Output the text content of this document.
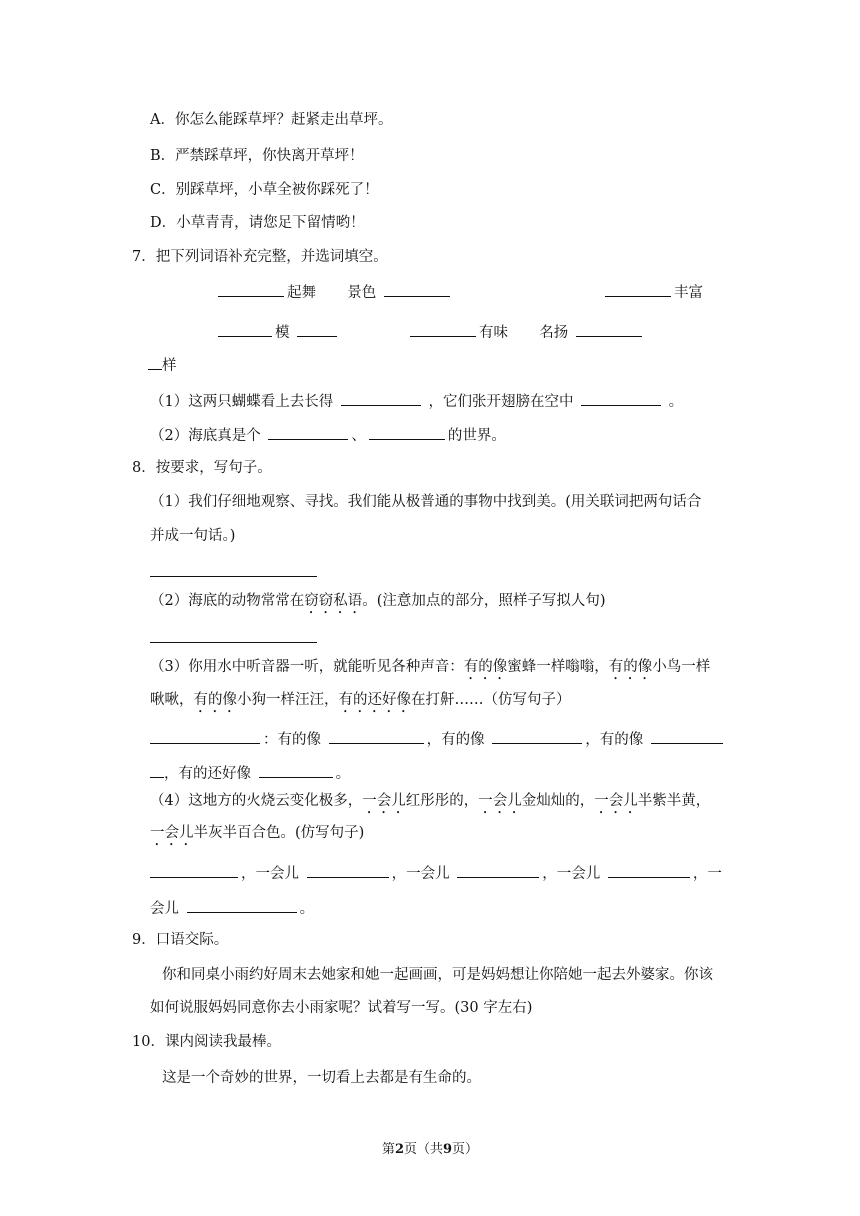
A．你怎么能踩草坪？赶紧走出草坪。
B．严禁踩草坪，你快离开草坪！
C．别踩草坪，小草全被你踩死了！
D．小草青青，请您足下留情哟！
7．把下列词语补充完整，并选词填空。
起舞 景色	丰富
模	有味 名扬
样
（1）这两只蝴蝶看上去长得	，它们张开翅膀在空中	。
（2）海底真是个	、	的世界。
8．按要求，写句子。
（1）我们仔细地观察、寻找。我们能从极普通的事物中找到美。(用关联词把两句话合
并成一句话。)
（2）海底的动物常常在窃窃私语。(注意加点的部分，照样子写拟人句)
（3）你用水中听音器一听，就能听见各种声音：有的像蜜蜂一样嗡嗡，有的像小鸟一样
啾啾，有的像小狗一样汪汪，有的还好像在打鼾……（仿写句子）
：有的像	，有的像	，有的像
，有的还好像	。
（4）这地方的火烧云变化极多，一会儿红彤彤的，一会儿金灿灿的，一会儿半紫半黄，
一会儿半灰半百合色。(仿写句子)
，一会儿	，一会儿	，一会儿	，一
会儿	。
9．口语交际。
你和同桌小雨约好周末去她家和她一起画画，可是妈妈想让你陪她一起去外婆家。你该
如何说服妈妈同意你去小雨家呢？试着写一写。(30 字左右)
10．课内阅读我最棒。
这是一个奇妙的世界，一切看上去都是有生命的。
第2页（共9页）
